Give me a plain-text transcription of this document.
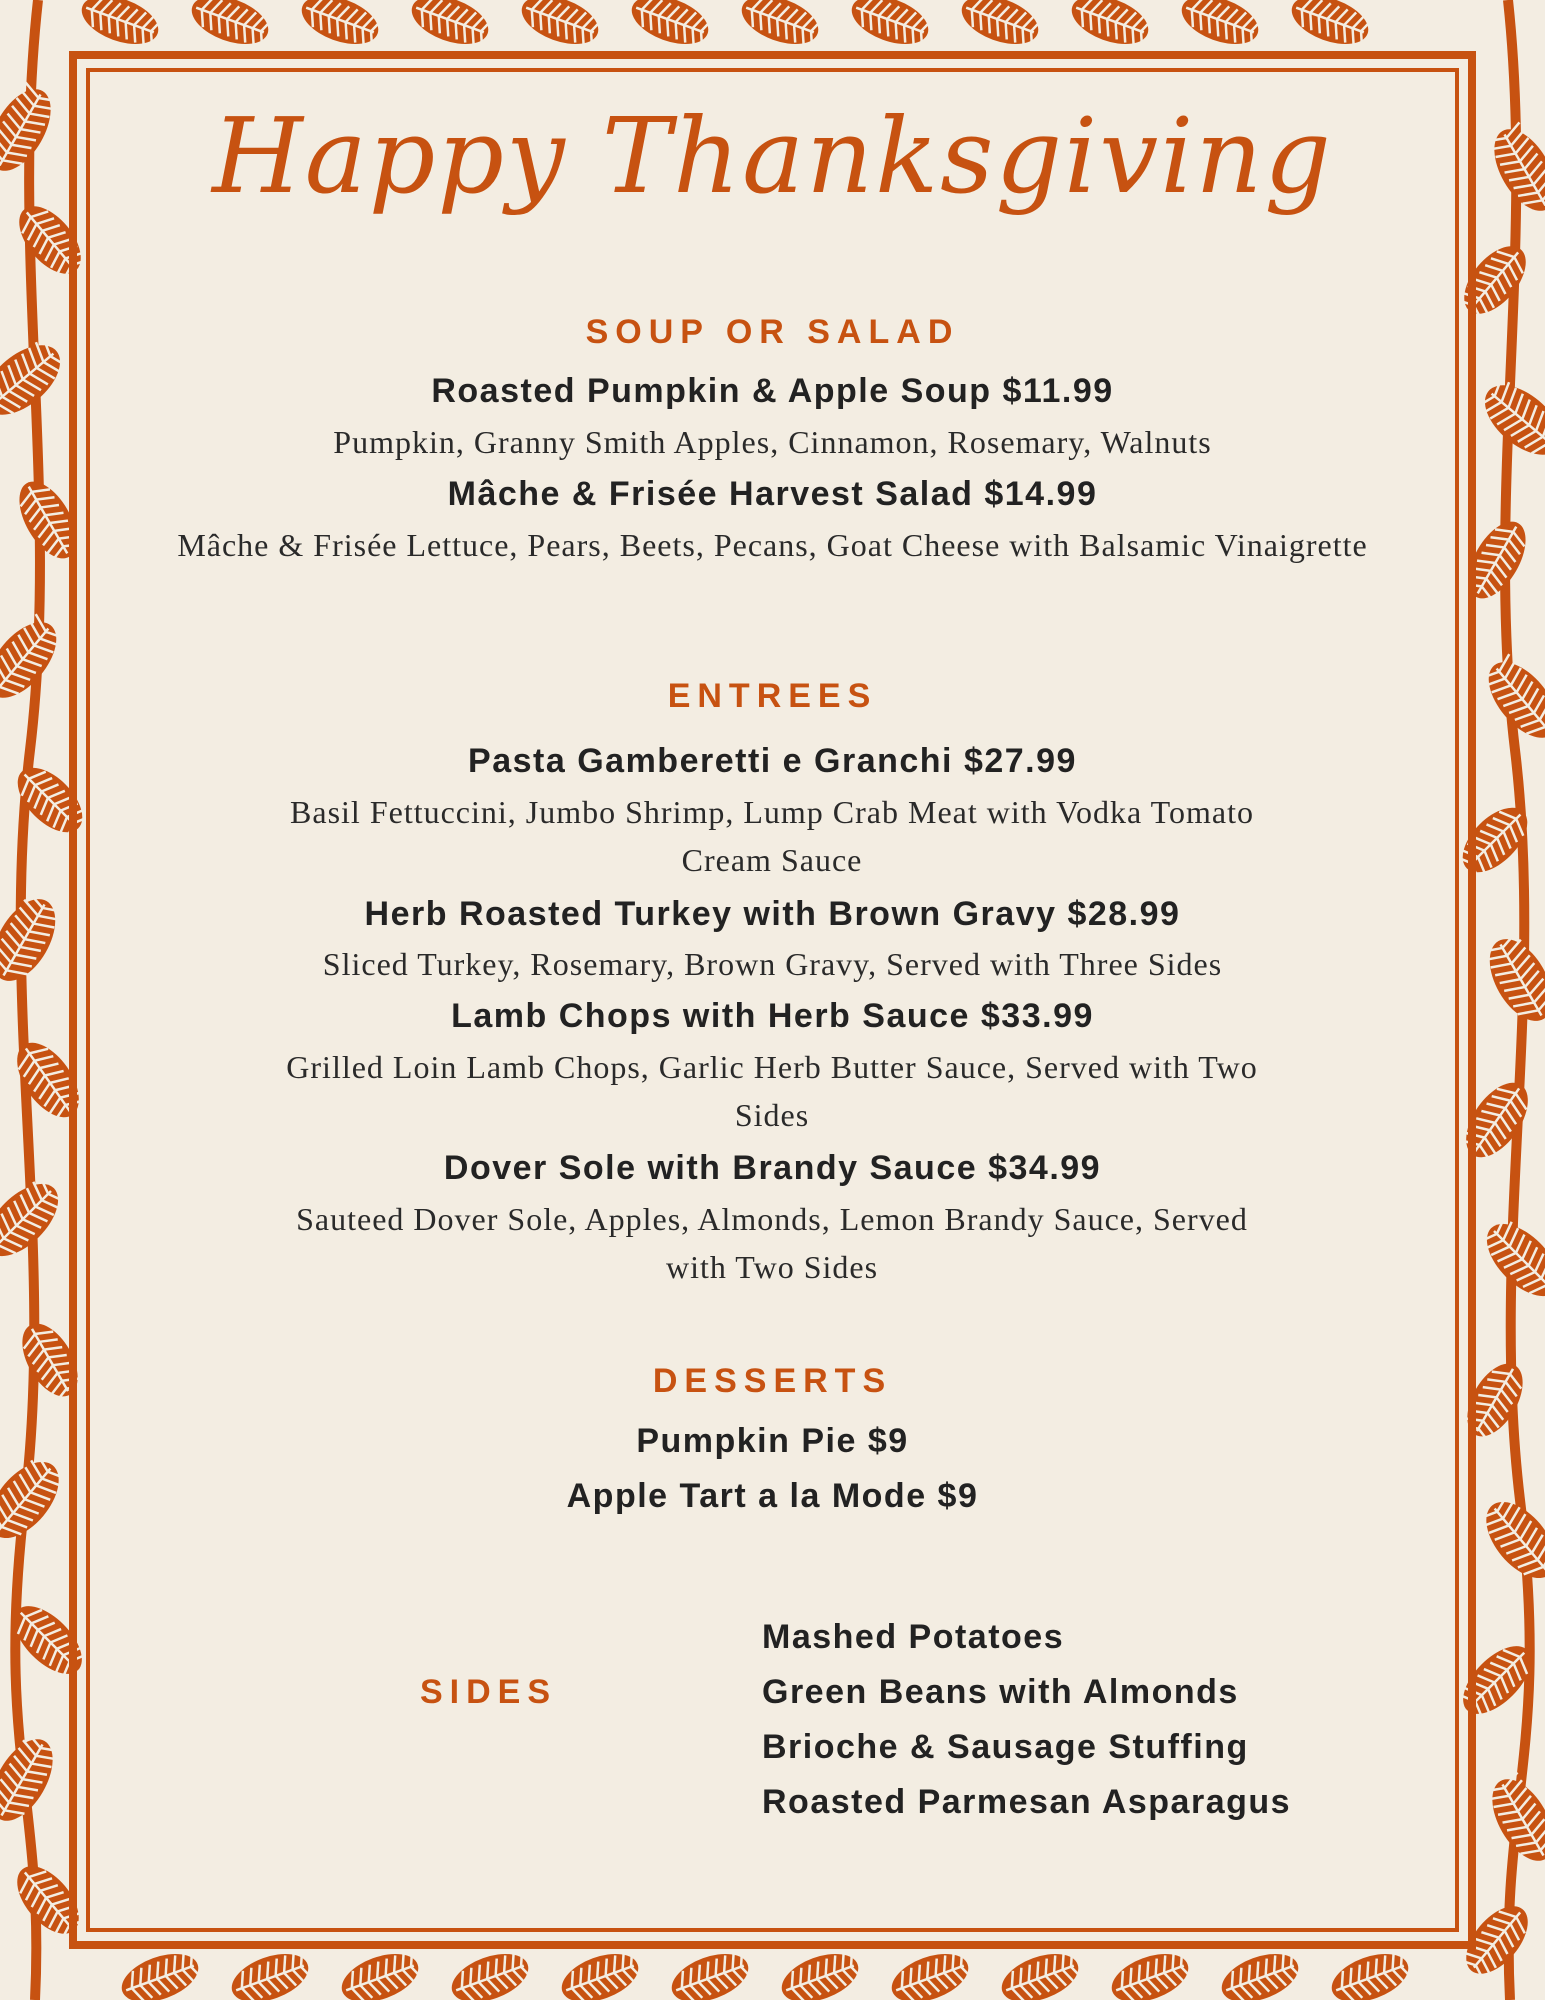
Happy Thanksgiving
SOUP OR SALAD
Roasted Pumpkin & Apple Soup $11.99
Pumpkin, Granny Smith Apples, Cinnamon, Rosemary, Walnuts
Mâche & Frisée Harvest Salad $14.99
Mâche & Frisée Lettuce, Pears, Beets, Pecans, Goat Cheese with Balsamic Vinaigrette
ENTREES
Pasta Gamberetti e Granchi $27.99
Basil Fettuccini, Jumbo Shrimp, Lump Crab Meat with Vodka Tomato Cream Sauce
Herb Roasted Turkey with Brown Gravy $28.99
Sliced Turkey, Rosemary, Brown Gravy, Served with Three Sides
Lamb Chops with Herb Sauce $33.99
Grilled Loin Lamb Chops, Garlic Herb Butter Sauce, Served with Two Sides
Dover Sole with Brandy Sauce $34.99
Sauteed Dover Sole, Apples, Almonds, Lemon Brandy Sauce, Served with Two Sides
DESSERTS
Pumpkin Pie $9
Apple Tart a la Mode $9
SIDES
Mashed Potatoes
Green Beans with Almonds
Brioche & Sausage Stuffing
Roasted Parmesan Asparagus
